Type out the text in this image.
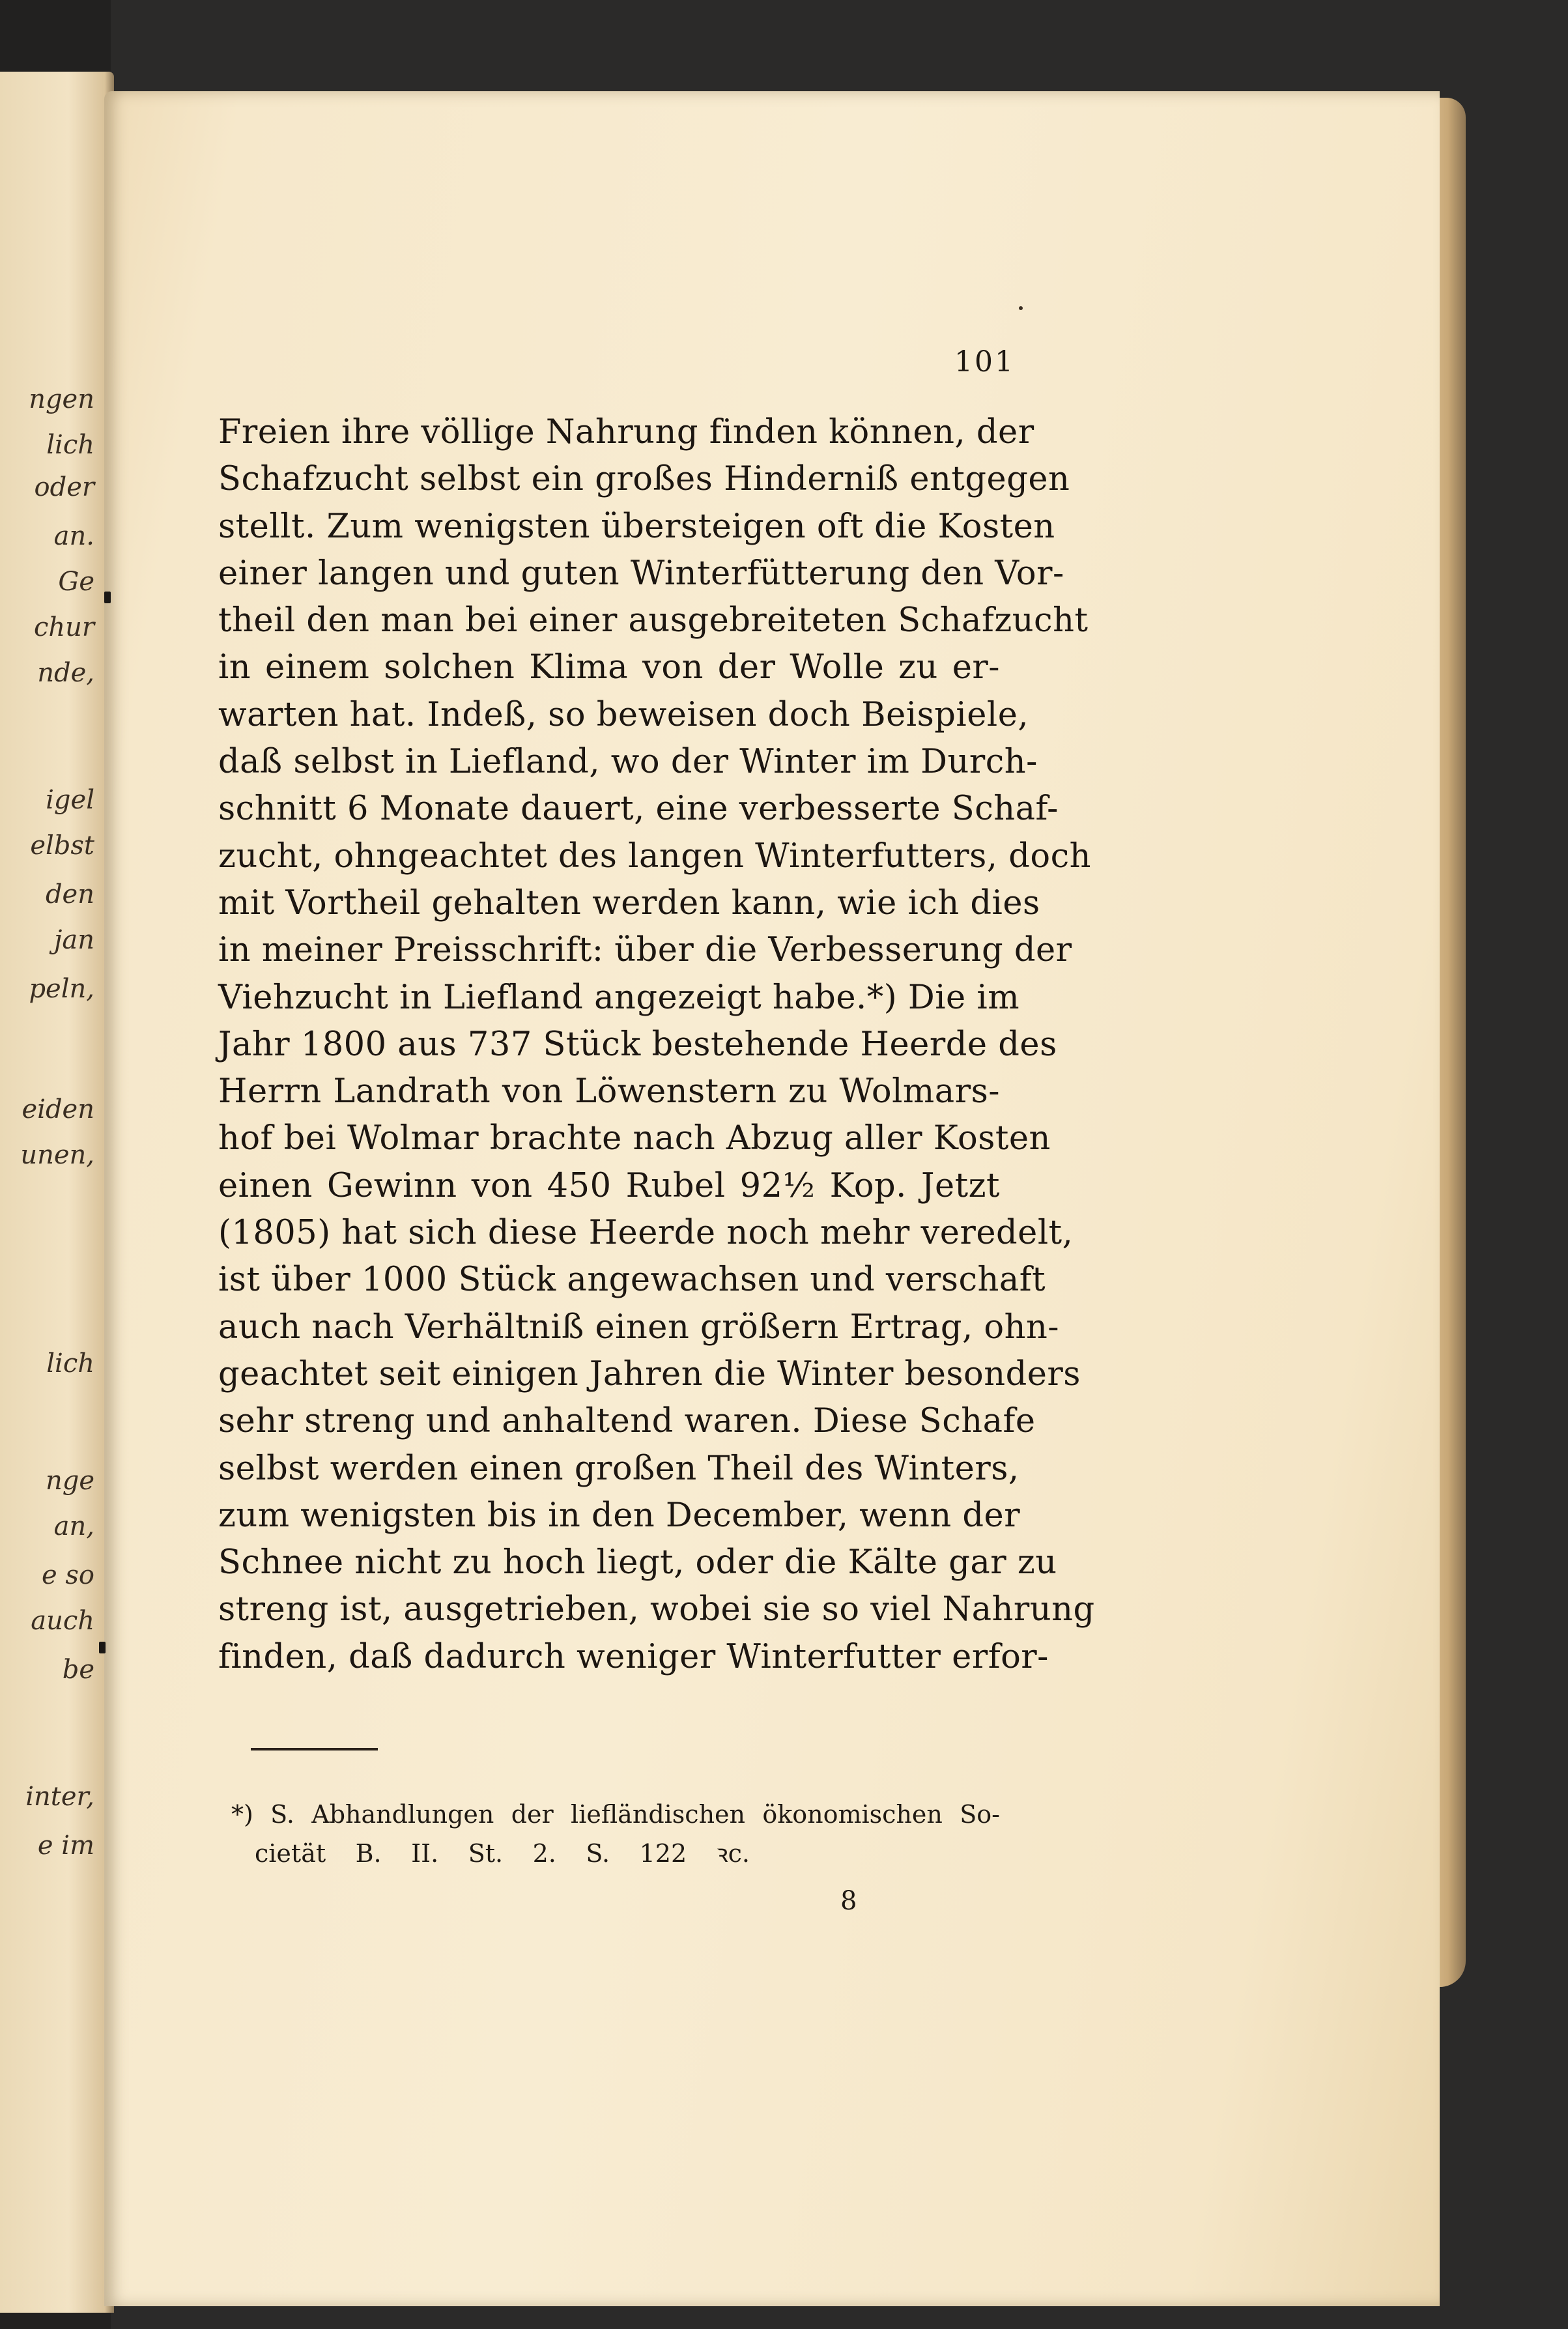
ngen
lich
oder
an.
Ge
chur
nde,
igel
elbst
den
jan
peln,
eiden
unen,
lich
nge
an,
e so
auch
be
inter,
e im
101
Freien ihre völlige Nahrung finden können, der
Schafzucht selbst ein großes Hinderniß entgegen
stellt. Zum wenigsten übersteigen oft die Kosten
einer langen und guten Winterfütterung den Vor-
theil den man bei einer ausgebreiteten Schafzucht
in einem solchen Klima von der Wolle zu er-
warten hat. Indeß, so beweisen doch Beispiele,
daß selbst in Liefland, wo der Winter im Durch-
schnitt 6 Monate dauert, eine verbesserte Schaf-
zucht, ohngeachtet des langen Winterfutters, doch
mit Vortheil gehalten werden kann, wie ich dies
in meiner Preisschrift: über die Verbesserung der
Viehzucht in Liefland angezeigt habe.*) Die im
Jahr 1800 aus 737 Stück bestehende Heerde des
Herrn Landrath von Löwenstern zu Wolmars-
hof bei Wolmar brachte nach Abzug aller Kosten
einen Gewinn von 450 Rubel 92½ Kop. Jetzt
(1805) hat sich diese Heerde noch mehr veredelt,
ist über 1000 Stück angewachsen und verschaft
auch nach Verhältniß einen größern Ertrag, ohn-
geachtet seit einigen Jahren die Winter besonders
sehr streng und anhaltend waren. Diese Schafe
selbst werden einen großen Theil des Winters,
zum wenigsten bis in den December, wenn der
Schnee nicht zu hoch liegt, oder die Kälte gar zu
streng ist, ausgetrieben, wobei sie so viel Nahrung
finden, daß dadurch weniger Winterfutter erfor-
*) S. Abhandlungen der liefländischen ökonomischen So-
cietät B. II. St. 2. S. 122 ꝛc.
8
